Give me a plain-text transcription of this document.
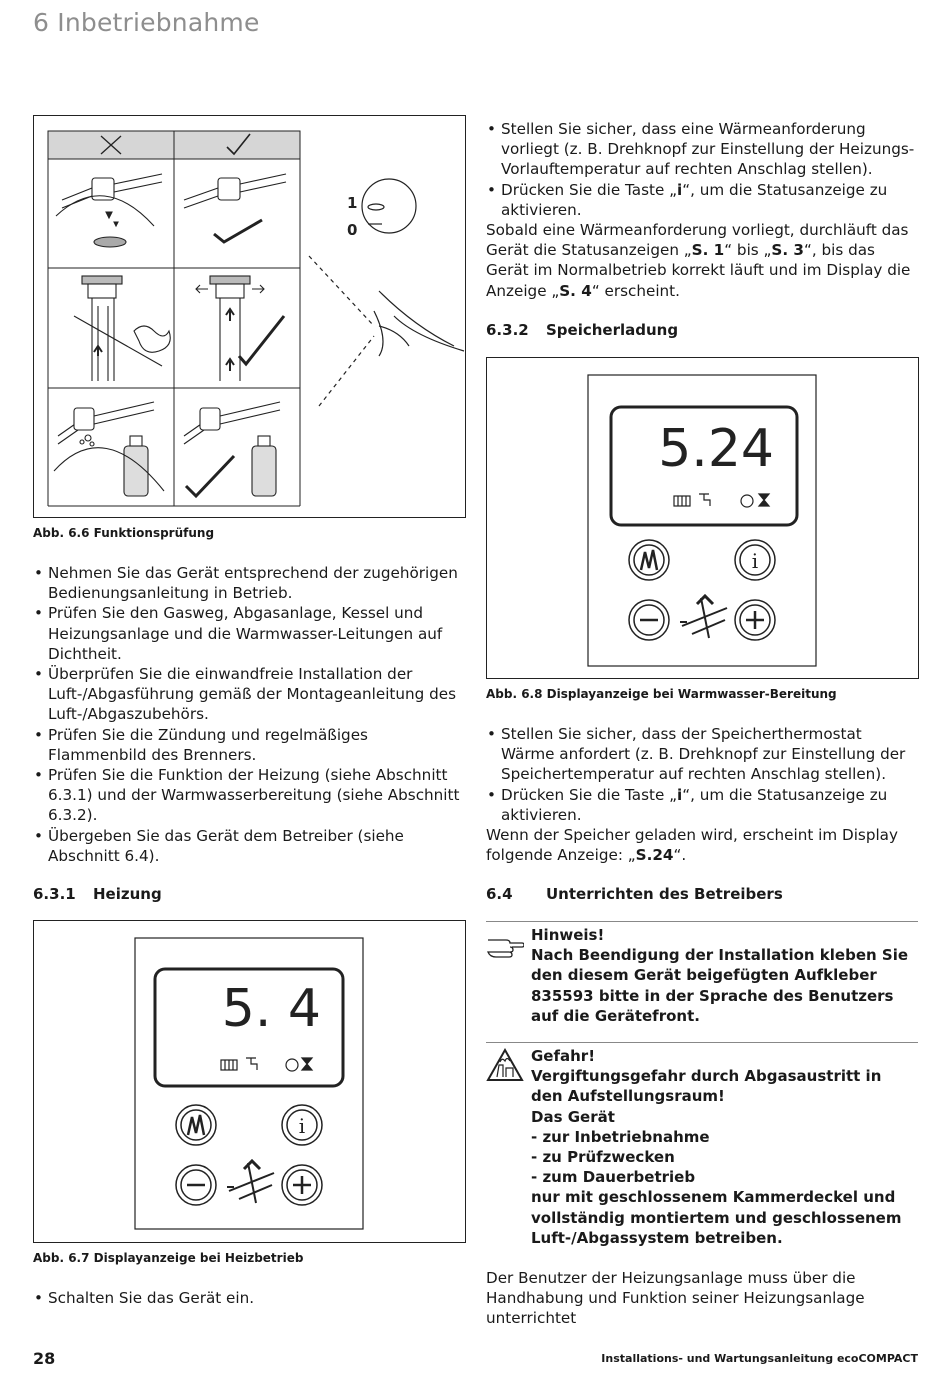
6 Inbetriebnahme
1
0
Abb. 6.6 Funktionsprüfung
• Nehmen Sie das Gerät entsprechend der zugehörigen Bedienungsanleitung in Betrieb.
• Prüfen Sie den Gasweg, Abgasanlage, Kessel und Heizungsanlage und die Warmwasser-Leitungen auf Dichtheit.
• Überprüfen Sie die einwandfreie Installation der Luft-/Abgasführung gemäß der Montageanleitung des Luft-/Abgaszubehörs.
• Prüfen Sie die Zündung und regelmäßiges Flammenbild des Brenners.
• Prüfen Sie die Funktion der Heizung (siehe Abschnitt 6.3.1) und der Warmwasserbereitung (siehe Abschnitt 6.3.2).
• Übergeben Sie das Gerät dem Betreiber (siehe Abschnitt 6.4).
6.3.1 Heizung
5. 4
i
Abb. 6.7 Displayanzeige bei Heizbetrieb
• Schalten Sie das Gerät ein.
• Stellen Sie sicher, dass eine Wärmeanforderung vorliegt (z. B. Drehknopf zur Einstellung der Heizungs-Vorlauftemperatur auf rechten Anschlag stellen).
• Drücken Sie die Taste „i“, um die Statusanzeige zu aktivieren.

Sobald eine Wärmeanforderung vorliegt, durchläuft das Gerät die Statusanzeigen „S. 1“ bis „S. 3“, bis das Gerät im Normalbetrieb korrekt läuft und im Display die Anzeige „S. 4“ erscheint.

6.3.2 Speicherladung
5.24
i
Abb. 6.8 Displayanzeige bei Warmwasser-Bereitung
• Stellen Sie sicher, dass der Speicherthermostat Wärme anfordert (z. B. Drehknopf zur Einstellung der Speichertemperatur auf rechten Anschlag stellen).
• Drücken Sie die Taste „i“, um die Statusanzeige zu aktivieren.

Wenn der Speicher geladen wird, erscheint im Display folgende Anzeige: „S.24“.

6.4 Unterrichten des Betreibers
Hinweis!
Nach Beendigung der Installation kleben Sie den diesem Gerät beigefügten Aufkleber 835593 bitte in der Sprache des Benutzers auf die Gerätefront.
Gefahr!
Vergiftungsgefahr durch Abgasaustritt in den Aufstellungsraum!
Das Gerät
- zur Inbetriebnahme
- zu Prüfzwecken
- zum Dauerbetrieb
nur mit geschlossenem Kammerdeckel und vollständig montiertem und geschlossenem Luft-/Abgassystem betreiben.

Der Benutzer der Heizungsanlage muss über die Handhabung und Funktion seiner Heizungsanlage unterrichtet

28	Installations- und Wartungsanleitung ecoCOMPACT
